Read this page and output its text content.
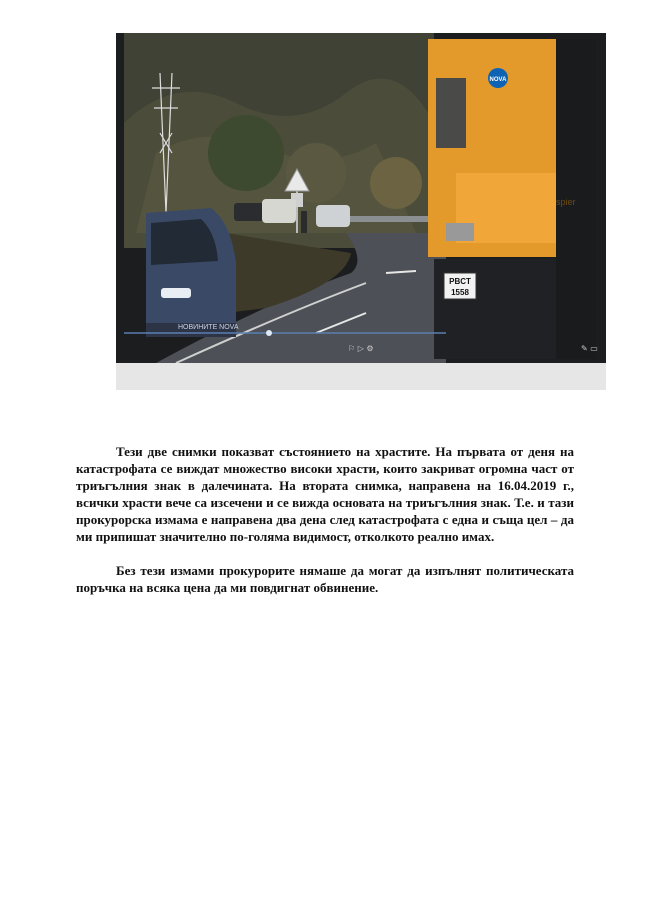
PBCT
1558
spier
NOVA
НОВИНИТЕ NOVA
⚐ ▷ ⚙	✎ ▭

Тези две снимки показват състоянието на храстите. На първата от деня на катастрофата се виждат множество високи храсти, които закриват огромна част от триъгълния знак в далечината. На втората снимка, направена на 16.04.2019 г., всички храсти вече са изсечени и се вижда основата на триъгълния знак. Т.е. и тази прокурорска измама е направена два дена след катастрофата с една и съща цел – да ми припишат значително по-голяма видимост, отколкото реално имах.

Без тези измами прокурорите нямаше да могат да изпълнят политическата поръчка на всяка цена да ми повдигнат обвинение.
